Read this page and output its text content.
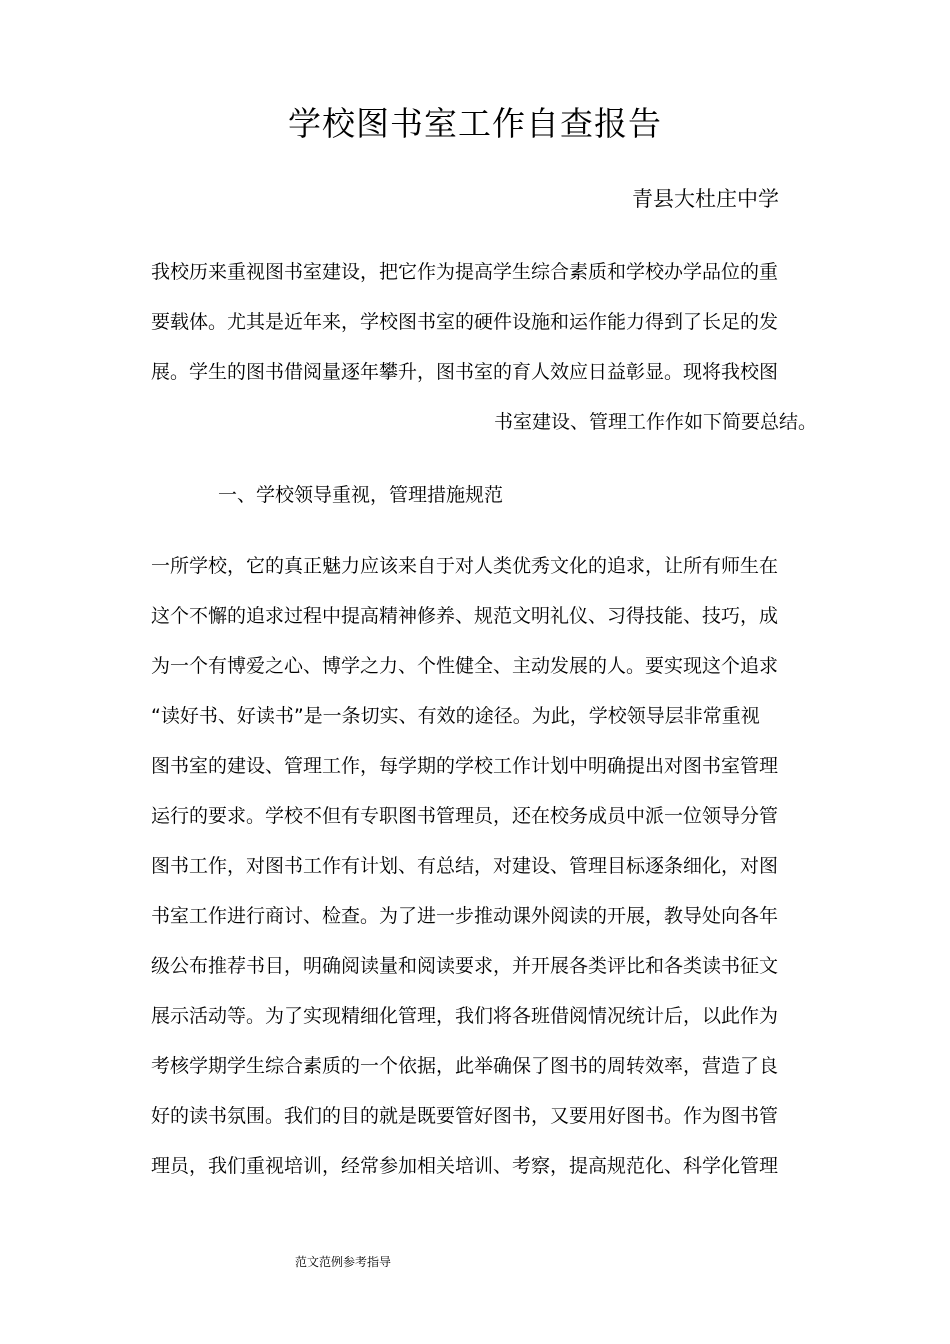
学校图书室工作自查报告
青县大杜庄中学
我校历来重视图书室建设，把它作为提高学生综合素质和学校办学品位的重
要载体。尤其是近年来，学校图书室的硬件设施和运作能力得到了长足的发
展。学生的图书借阅量逐年攀升，图书室的育人效应日益彰显。现将我校图
书室建设、管理工作作如下简要总结。
一、学校领导重视，管理措施规范
一所学校，它的真正魅力应该来自于对人类优秀文化的追求，让所有师生在
这个不懈的追求过程中提高精神修养、规范文明礼仪、习得技能、技巧，成
为一个有博爱之心、博学之力、个性健全、主动发展的人。要实现这个追求
“读好书、好读书”是一条切实、有效的途径。为此，学校领导层非常重视
图书室的建设、管理工作，每学期的学校工作计划中明确提出对图书室管理
运行的要求。学校不但有专职图书管理员，还在校务成员中派一位领导分管
图书工作，对图书工作有计划、有总结，对建设、管理目标逐条细化，对图
书室工作进行商讨、检查。为了进一步推动课外阅读的开展，教导处向各年
级公布推荐书目，明确阅读量和阅读要求，并开展各类评比和各类读书征文
展示活动等。为了实现精细化管理，我们将各班借阅情况统计后，以此作为
考核学期学生综合素质的一个依据，此举确保了图书的周转效率，营造了良
好的读书氛围。我们的目的就是既要管好图书，又要用好图书。作为图书管
理员，我们重视培训，经常参加相关培训、考察，提高规范化、科学化管理
范文范例参考指导
